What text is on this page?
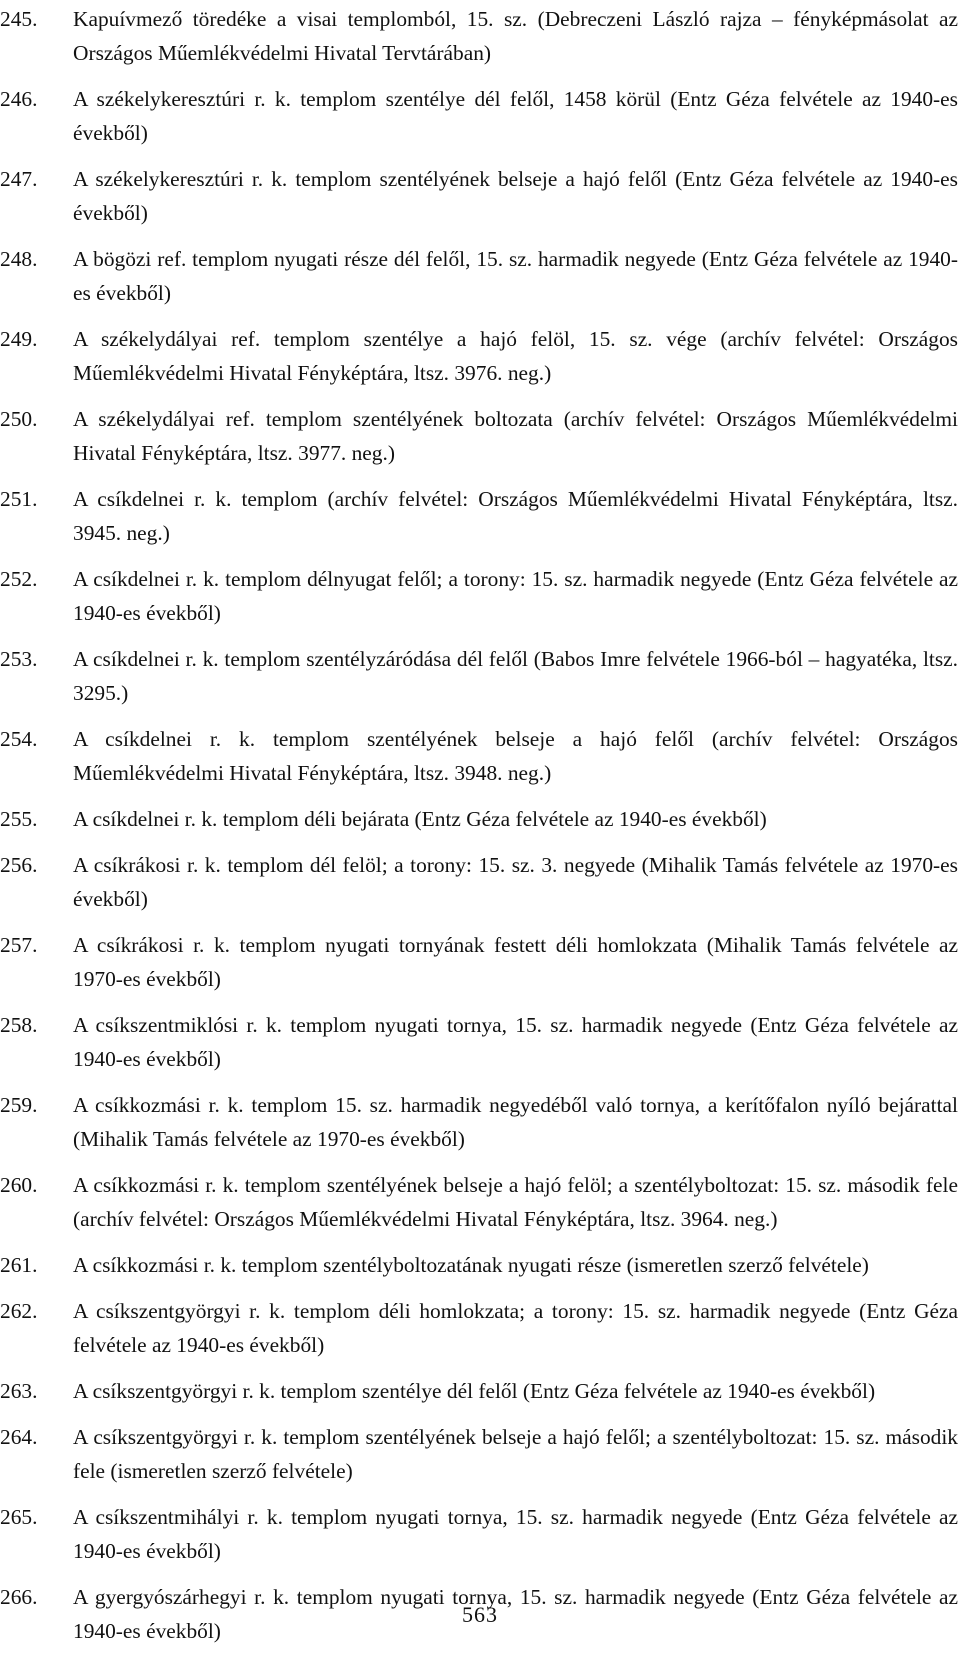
245.	Kapuívmező töredéke a visai templomból, 15. sz. (Debreczeni László rajza – fényképmásolat az Országos Műemlékvédelmi Hivatal Tervtárában)
246.	A székelykeresztúri r. k. templom szentélye dél felől, 1458 körül (Entz Géza felvétele az 1940-es évekből)
247.	A székelykeresztúri r. k. templom szentélyének belseje a hajó felől (Entz Géza felvétele az 1940-es évekből)
248.	A bögözi ref. templom nyugati része dél felől, 15. sz. harmadik negyede (Entz Géza felvétele az 1940-es évekből)
249.	A székelydályai ref. templom szentélye a hajó felöl, 15. sz. vége (archív felvétel: Országos Műemlékvédelmi Hivatal Fényképtára, ltsz. 3976. neg.)
250.	A székelydályai ref. templom szentélyének boltozata (archív felvétel: Országos Műemlékvédelmi Hivatal Fényképtára, ltsz. 3977. neg.)
251.	A csíkdelnei r. k. templom (archív felvétel: Országos Műemlékvédelmi Hivatal Fényképtára, ltsz. 3945. neg.)
252.	A csíkdelnei r. k. templom délnyugat felől; a torony: 15. sz. harmadik negyede (Entz Géza felvétele az 1940-es évekből)
253.	A csíkdelnei r. k. templom szentélyzáródása dél felől (Babos Imre felvétele 1966-ból – hagyatéka, ltsz. 3295.)
254.	A csíkdelnei r. k. templom szentélyének belseje a hajó felől (archív felvétel: Országos Műemlékvédelmi Hivatal Fényképtára, ltsz. 3948. neg.)
255.	A csíkdelnei r. k. templom déli bejárata (Entz Géza felvétele az 1940-es évekből)
256.	A csíkrákosi r. k. templom dél felöl; a torony: 15. sz. 3. negyede (Mihalik Tamás felvétele az 1970-es évekből)
257.	A csíkrákosi r. k. templom nyugati tornyának festett déli homlokzata (Mihalik Tamás felvétele az 1970-es évekből)
258.	A csíkszentmiklósi r. k. templom nyugati tornya, 15. sz. harmadik negyede (Entz Géza felvétele az 1940-es évekből)
259.	A csíkkozmási r. k. templom 15. sz. harmadik negyedéből való tornya, a kerítőfalon nyíló bejárattal (Mihalik Tamás felvétele az 1970-es évekből)
260.	A csíkkozmási r. k. templom szentélyének belseje a hajó felöl; a szentélyboltozat: 15. sz. második fele (archív felvétel: Országos Műemlékvédelmi Hivatal Fényképtára, ltsz. 3964. neg.)
261.	A csíkkozmási r. k. templom szentélyboltozatának nyugati része (ismeretlen szerző felvétele)
262.	A csíkszentgyörgyi r. k. templom déli homlokzata; a torony: 15. sz. harmadik negyede (Entz Géza felvétele az 1940-es évekből)
263.	A csíkszentgyörgyi r. k. templom szentélye dél felől (Entz Géza felvétele az 1940-es évekből)
264.	A csíkszentgyörgyi r. k. templom szentélyének belseje a hajó felől; a szentélyboltozat: 15. sz. második fele (ismeretlen szerző felvétele)
265.	A csíkszentmihályi r. k. templom nyugati tornya, 15. sz. harmadik negyede (Entz Géza felvétele az 1940-es évekből)
266.	A gyergyószárhegyi r. k. templom nyugati tornya, 15. sz. harmadik negyede (Entz Géza felvétele az 1940-es évekből)
563
